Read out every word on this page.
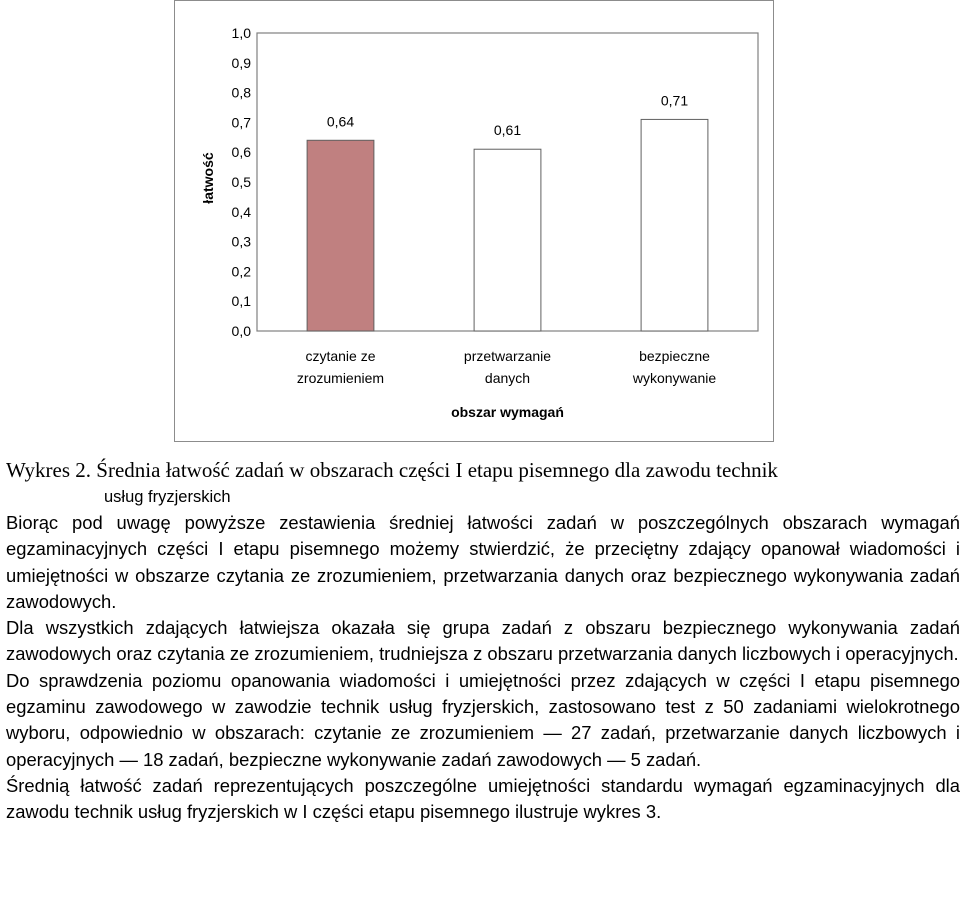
0,0
0,1
0,2
0,3
0,4
0,5
0,6
0,7
0,8
0,9
1,0
łatwość
0,64
czytanie ze
zrozumieniem
0,61
przetwarzanie
danych
0,71
bezpieczne
wykonywanie
obszar wymagań
Wykres 2. Średnia łatwość zadań w obszarach części I etapu pisemnego dla zawodu technik
usług fryzjerskich

Biorąc pod uwagę powyższe zestawienia średniej łatwości zadań w poszczególnych obszarach wymagań egzaminacyjnych części I etapu pisemnego możemy stwierdzić, że przeciętny zdający opanował wiadomości i umiejętności w obszarze czytania ze zrozumieniem, przetwarzania danych oraz bezpiecznego wykonywania zadań zawodowych.

Dla wszystkich zdających łatwiejsza okazała się grupa zadań z obszaru bezpiecznego wykonywania zadań zawodowych oraz czytania ze zrozumieniem, trudniejsza z obszaru przetwarzania danych liczbowych i operacyjnych.

Do sprawdzenia poziomu opanowania wiadomości i umiejętności przez zdających w części I etapu pisemnego egzaminu zawodowego w zawodzie technik usług fryzjerskich, zastosowano test z 50 zadaniami wielokrotnego wyboru, odpowiednio w obszarach: czytanie ze zrozumieniem — 27 zadań, przetwarzanie danych liczbowych i operacyjnych — 18 zadań, bezpieczne wykonywanie zadań zawodowych — 5 zadań.

Średnią łatwość zadań reprezentujących poszczególne umiejętności standardu wymagań egzaminacyjnych dla zawodu technik usług fryzjerskich w I części etapu pisemnego ilustruje wykres 3.
